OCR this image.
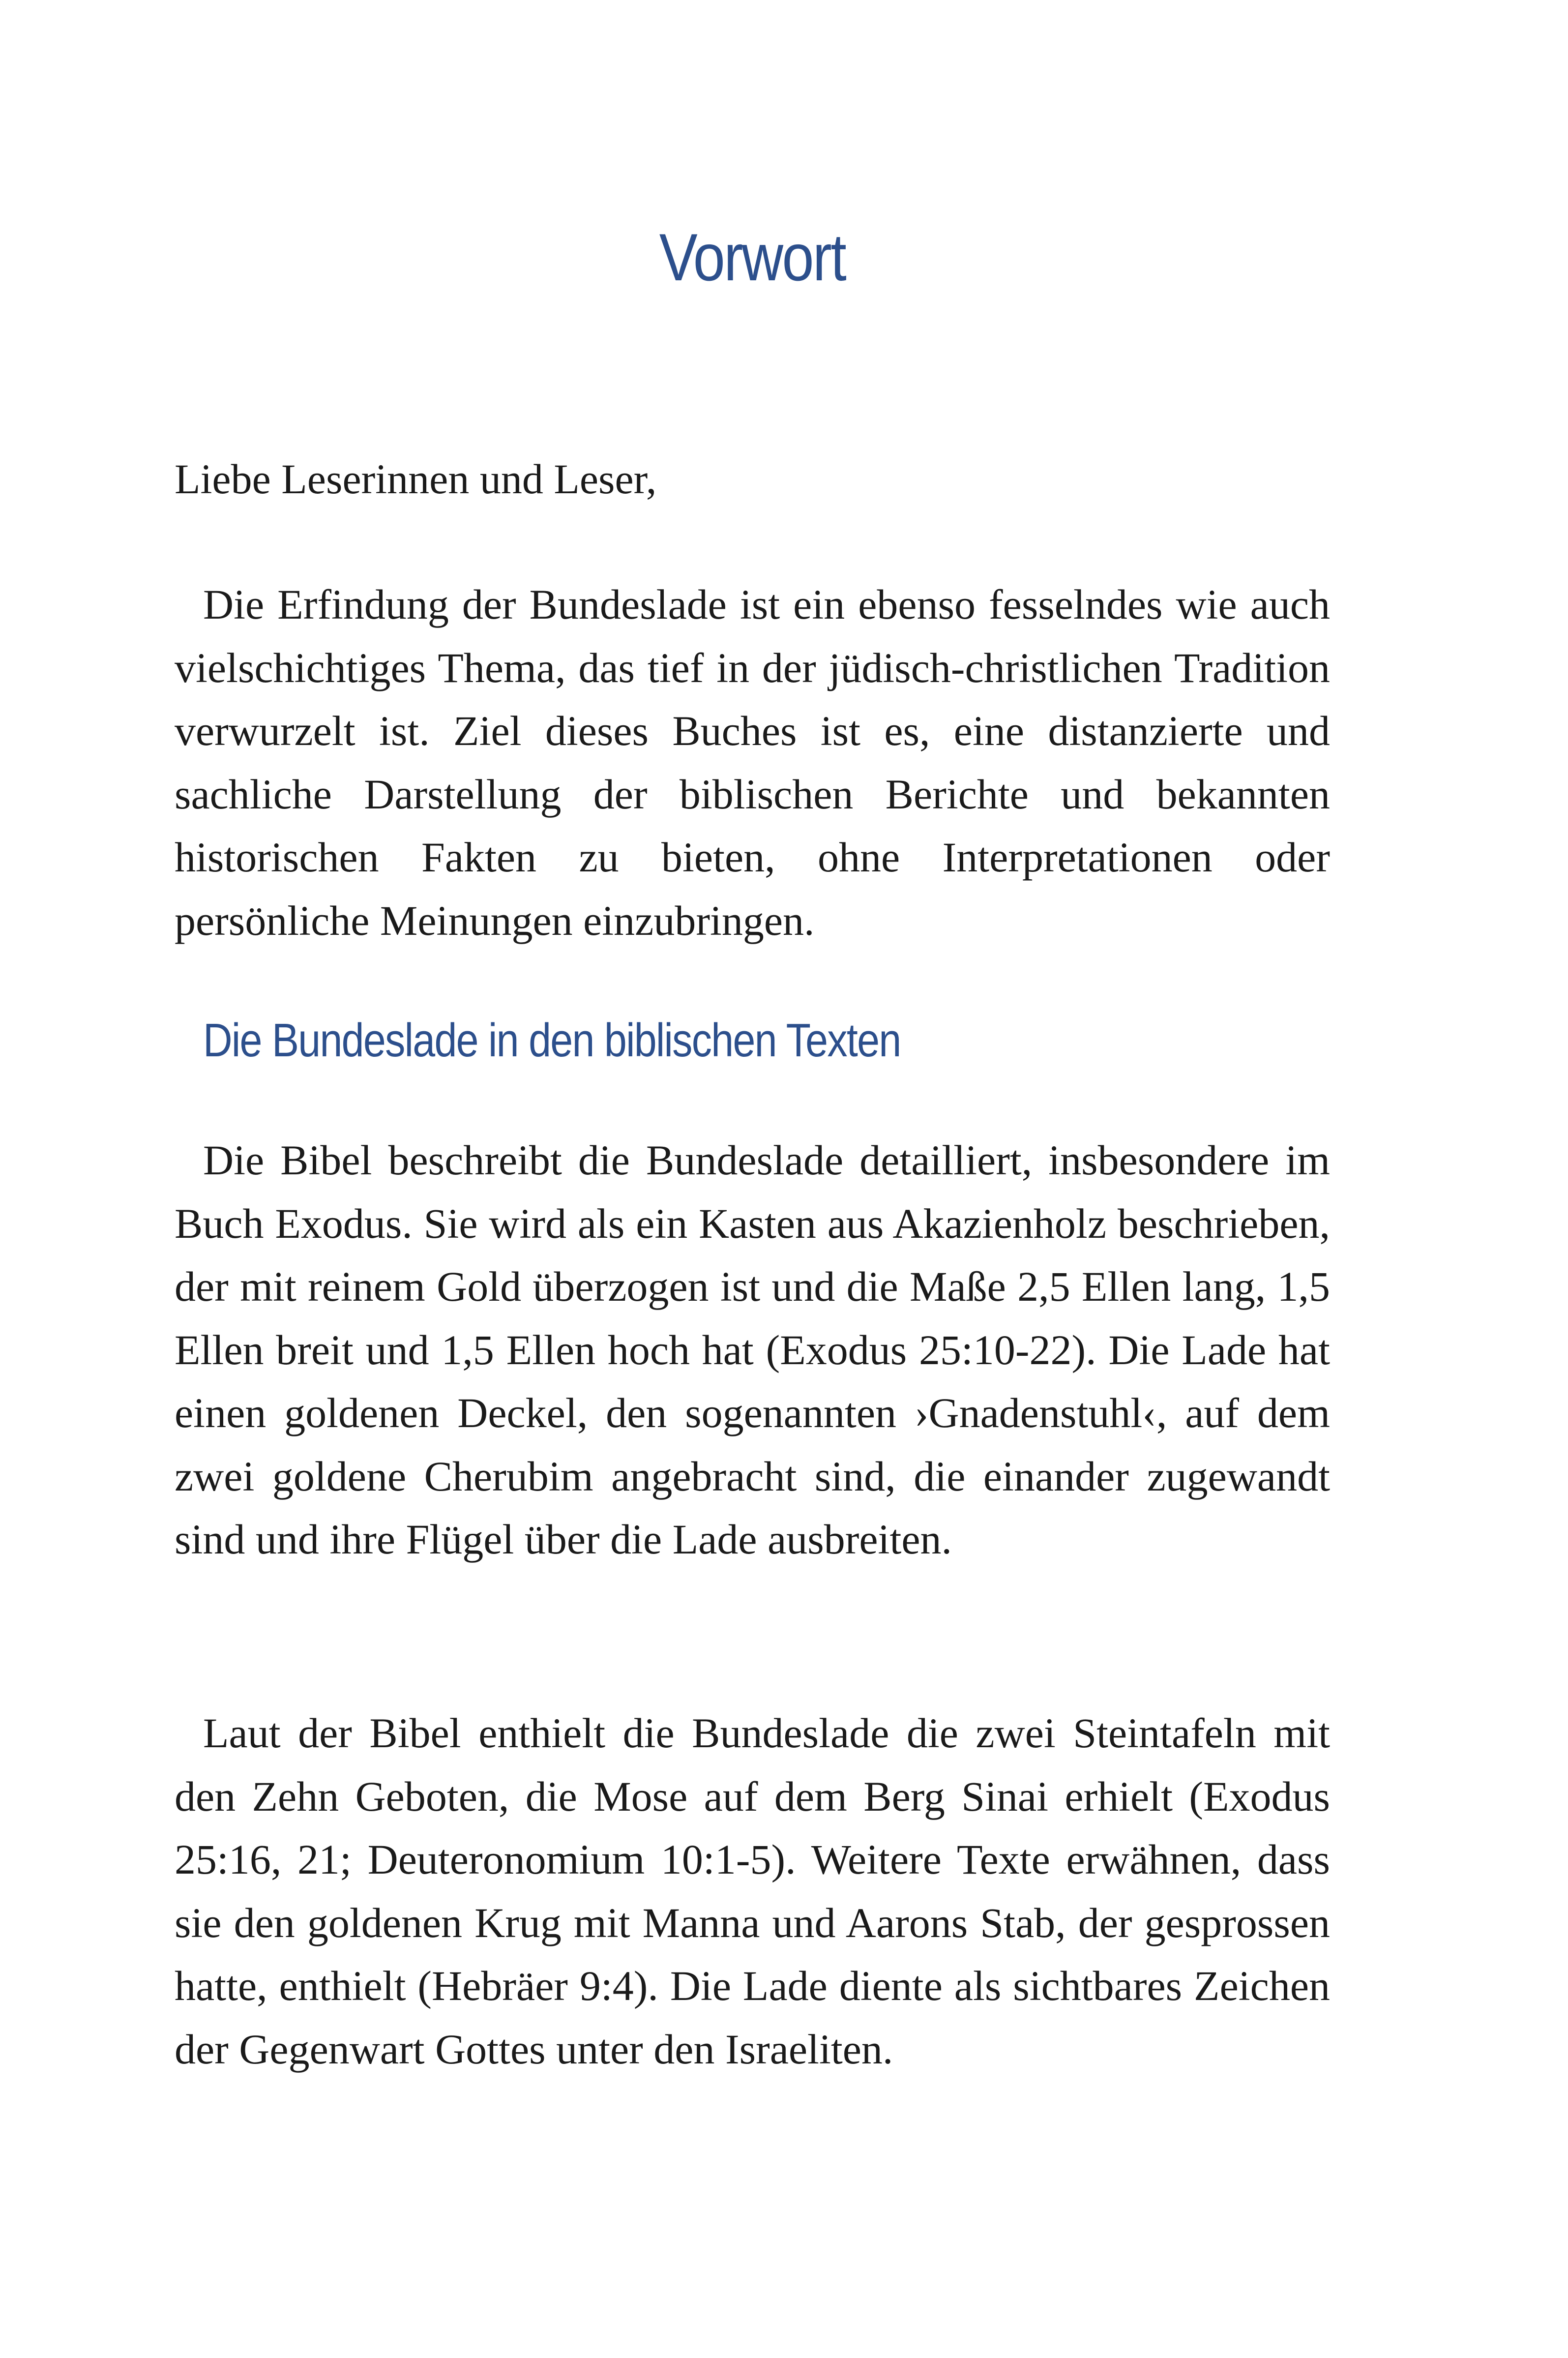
Vorwort

Liebe Leserinnen und Leser,

Die Erfindung der Bundeslade ist ein ebenso fesselndes wie auch vielschichtiges Thema, das tief in der jüdisch-christlichen Tradition verwurzelt ist. Ziel dieses Buches ist es, eine distanzierte und sachliche Darstellung der biblischen Berichte und bekannten historischen Fakten zu bieten, ohne Interpretationen oder persönliche Meinungen einzubringen.

Die Bundeslade in den biblischen Texten

Die Bibel beschreibt die Bundeslade detailliert, insbesondere im Buch Exodus. Sie wird als ein Kasten aus Akazienholz beschrieben, der mit reinem Gold überzogen ist und die Maße 2,5 Ellen lang, 1,5 Ellen breit und 1,5 Ellen hoch hat (Exodus 25:10-22). Die Lade hat einen goldenen Deckel, den sogenannten ›Gnadenstuhl‹, auf dem zwei goldene Cherubim angebracht sind, die einander zugewandt sind und ihre Flügel über die Lade ausbreiten.

Laut der Bibel enthielt die Bundeslade die zwei Steintafeln mit den Zehn Geboten, die Mose auf dem Berg Sinai erhielt (Exodus 25:16, 21; Deuteronomium 10:1-5). Weitere Texte erwähnen, dass sie den goldenen Krug mit Manna und Aarons Stab, der gesprossen hatte, enthielt (Hebräer 9:4). Die Lade diente als sichtbares Zeichen der Gegenwart Gottes unter den Israeliten.
